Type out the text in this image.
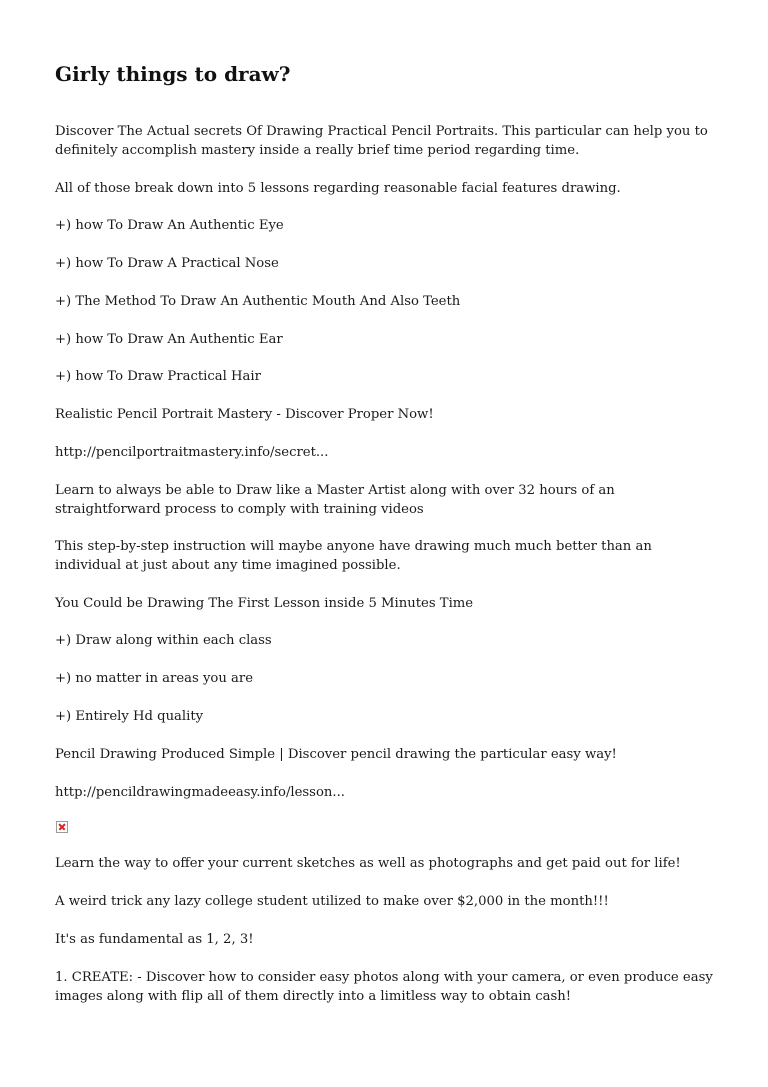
Girly things to draw?

Discover The Actual secrets Of Drawing Practical Pencil Portraits. This particular can help you to definitely accomplish mastery inside a really brief time period regarding time.

All of those break down into 5 lessons regarding reasonable facial features drawing.

+) how To Draw An Authentic Eye

+) how To Draw A Practical Nose

+) The Method To Draw An Authentic Mouth And Also Teeth

+) how To Draw An Authentic Ear

+) how To Draw Practical Hair

Realistic Pencil Portrait Mastery - Discover Proper Now!

http://pencilportraitmastery.info/secret...

Learn to always be able to Draw like a Master Artist along with over 32 hours of an straightforward process to comply with training videos

This step-by-step instruction will maybe anyone have drawing much much better than an individual at just about any time imagined possible.

You Could be Drawing The First Lesson inside 5 Minutes Time

+) Draw along within each class

+) no matter in areas you are

+) Entirely Hd quality

Pencil Drawing Produced Simple | Discover pencil drawing the particular easy way!

http://pencildrawingmadeeasy.info/lesson...

Learn the way to offer your current sketches as well as photographs and get paid out for life!

A weird trick any lazy college student utilized to make over $2,000 in the month!!!

It's as fundamental as 1, 2, 3!

1. CREATE: - Discover how to consider easy photos along with your camera, or even produce easy images along with flip all of them directly into a limitless way to obtain cash!
